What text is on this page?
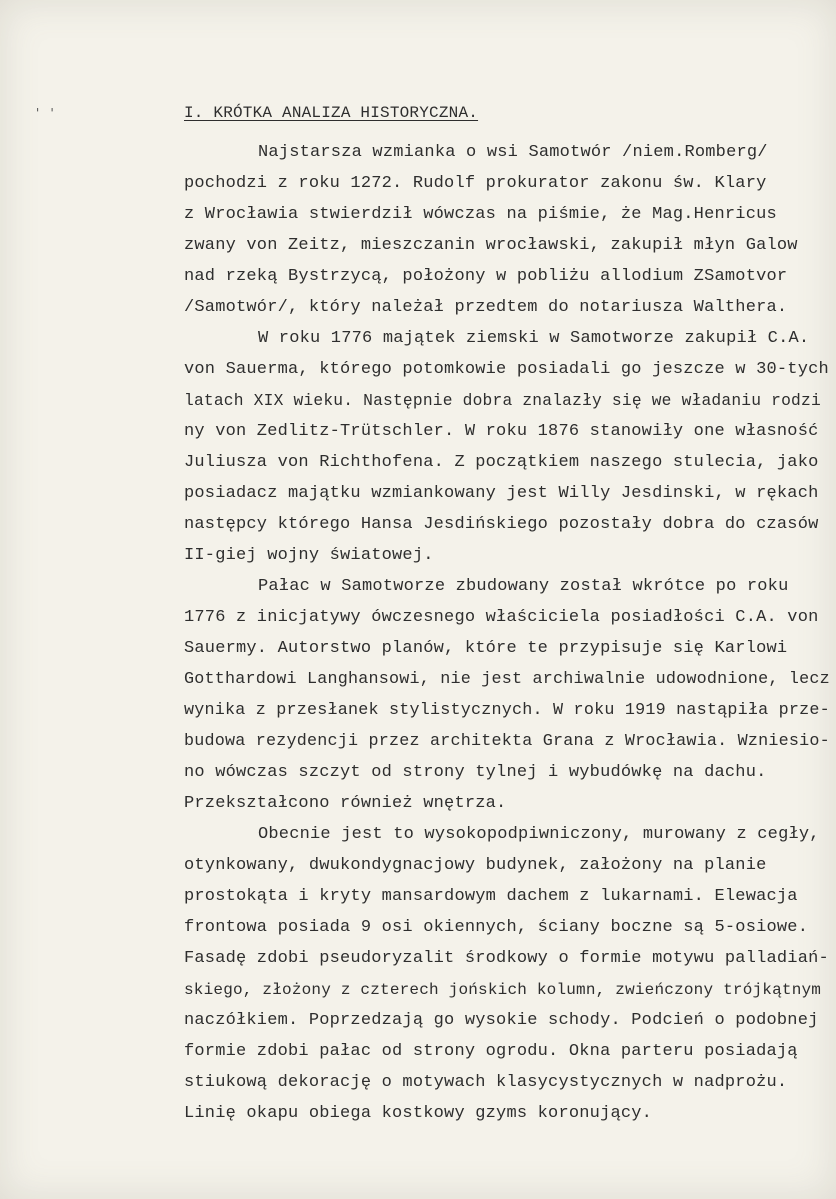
' '	I. KRÓTKA ANALIZA HISTORYCZNA.
Najstarsza wzmianka o wsi Samotwór /niem.Romberg/
pochodzi z roku 1272. Rudolf prokurator zakonu św. Klary
z Wrocławia stwierdził wówczas na piśmie, że Mag.Henricus
zwany von Zeitz, mieszczanin wrocławski, zakupił młyn Galow
nad rzeką Bystrzycą, położony w pobliżu allodium ZSamotvor
/Samotwór/, który należał przedtem do notariusza Walthera.
W roku 1776 majątek ziemski w Samotworze zakupił C.A.
von Sauerma, którego potomkowie posiadali go jeszcze w 30-tych
latach XIX wieku. Następnie dobra znalazły się we władaniu rodzi
ny von Zedlitz-Trütschler. W roku 1876 stanowiły one własność
Juliusza von Richthofena. Z początkiem naszego stulecia, jako
posiadacz majątku wzmiankowany jest Willy Jesdinski, w rękach
następcy którego Hansa Jesdińskiego pozostały dobra do czasów
II-giej wojny światowej.
Pałac w Samotworze zbudowany został wkrótce po roku
1776 z inicjatywy ówczesnego właściciela posiadłości C.A. von
Sauermy. Autorstwo planów, które te przypisuje się Karlowi
Gotthardowi Langhansowi, nie jest archiwalnie udowodnione, lecz
wynika z przesłanek stylistycznych. W roku 1919 nastąpiła prze-
budowa rezydencji przez architekta Grana z Wrocławia. Wzniesio-
no wówczas szczyt od strony tylnej i wybudówkę na dachu.
Przekształcono również wnętrza.
Obecnie jest to wysokopodpiwniczony, murowany z cegły,
otynkowany, dwukondygnacjowy budynek, założony na planie
prostokąta i kryty mansardowym dachem z lukarnami. Elewacja
frontowa posiada 9 osi okiennych, ściany boczne są 5-osiowe.
Fasadę zdobi pseudoryzalit środkowy o formie motywu palladiań-
skiego, złożony z czterech jońskich kolumn, zwieńczony trójkątnym
naczółkiem. Poprzedzają go wysokie schody. Podcień o podobnej
formie zdobi pałac od strony ogrodu. Okna parteru posiadają
stiukową dekorację o motywach klasycystycznych w nadprożu.
Linię okapu obiega kostkowy gzyms koronujący.
